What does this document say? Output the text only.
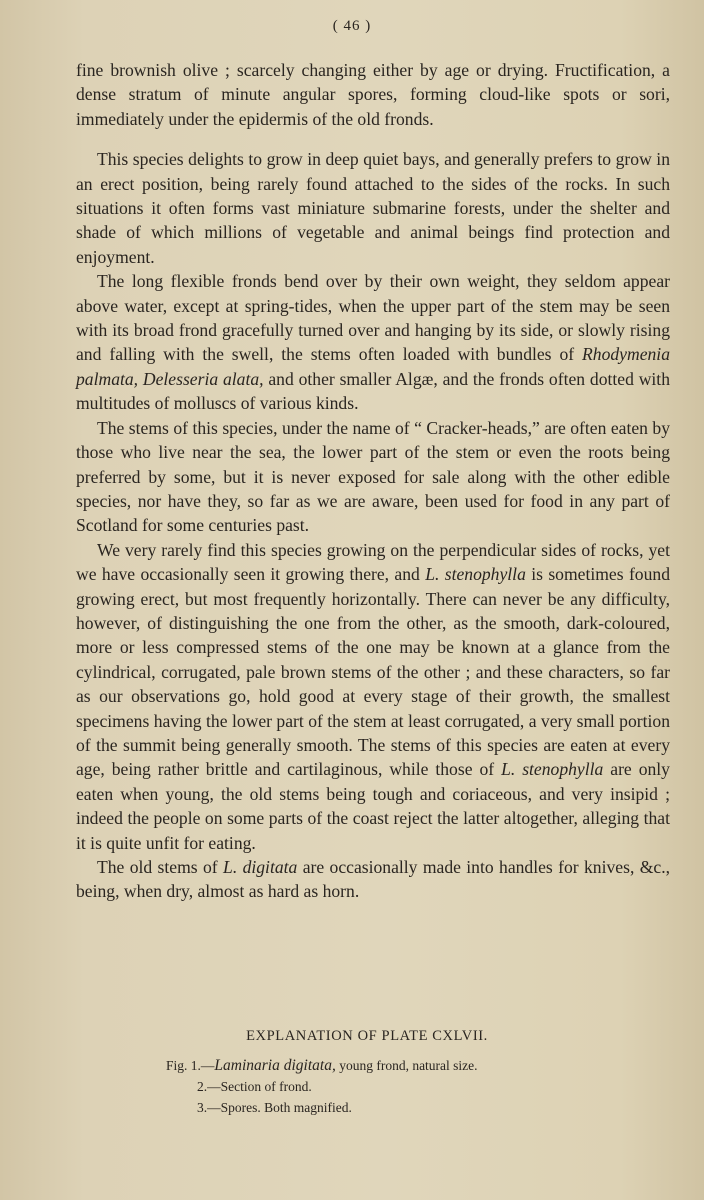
( 46 )

fine brownish olive ; scarcely changing either by age or drying. Fructification, a dense stratum of minute angular spores, forming cloud-like spots or sori, immediately under the epidermis of the old fronds.

This species delights to grow in deep quiet bays, and generally prefers to grow in an erect position, being rarely found attached to the sides of the rocks. In such situations it often forms vast miniature submarine forests, under the shelter and shade of which millions of vegetable and animal beings find protection and enjoyment.

The long flexible fronds bend over by their own weight, they seldom appear above water, except at spring-tides, when the upper part of the stem may be seen with its broad frond gracefully turned over and hanging by its side, or slowly rising and falling with the swell, the stems often loaded with bundles of Rhodymenia palmata, Delesseria alata, and other smaller Algæ, and the fronds often dotted with multitudes of molluscs of various kinds.

The stems of this species, under the name of “ Cracker-heads,” are often eaten by those who live near the sea, the lower part of the stem or even the roots being preferred by some, but it is never exposed for sale along with the other edible species, nor have they, so far as we are aware, been used for food in any part of Scotland for some centuries past.

We very rarely find this species growing on the perpendicular sides of rocks, yet we have occasionally seen it growing there, and L. stenophylla is sometimes found growing erect, but most frequently horizontally. There can never be any difficulty, however, of distinguishing the one from the other, as the smooth, dark-coloured, more or less compressed stems of the one may be known at a glance from the cylindrical, corrugated, pale brown stems of the other ; and these characters, so far as our observations go, hold good at every stage of their growth, the smallest specimens having the lower part of the stem at least corrugated, a very small portion of the summit being generally smooth. The stems of this species are eaten at every age, being rather brittle and cartilaginous, while those of L. stenophylla are only eaten when young, the old stems being tough and coriaceous, and very insipid ; indeed the people on some parts of the coast reject the latter altogether, alleging that it is quite unfit for eating.

The old stems of L. digitata are occasionally made into handles for knives, &c., being, when dry, almost as hard as horn.

EXPLANATION OF PLATE CXLVII.
Fig. 1.—Laminaria digitata, young frond, natural size.
2.—Section of frond.
3.—Spores. Both magnified.
